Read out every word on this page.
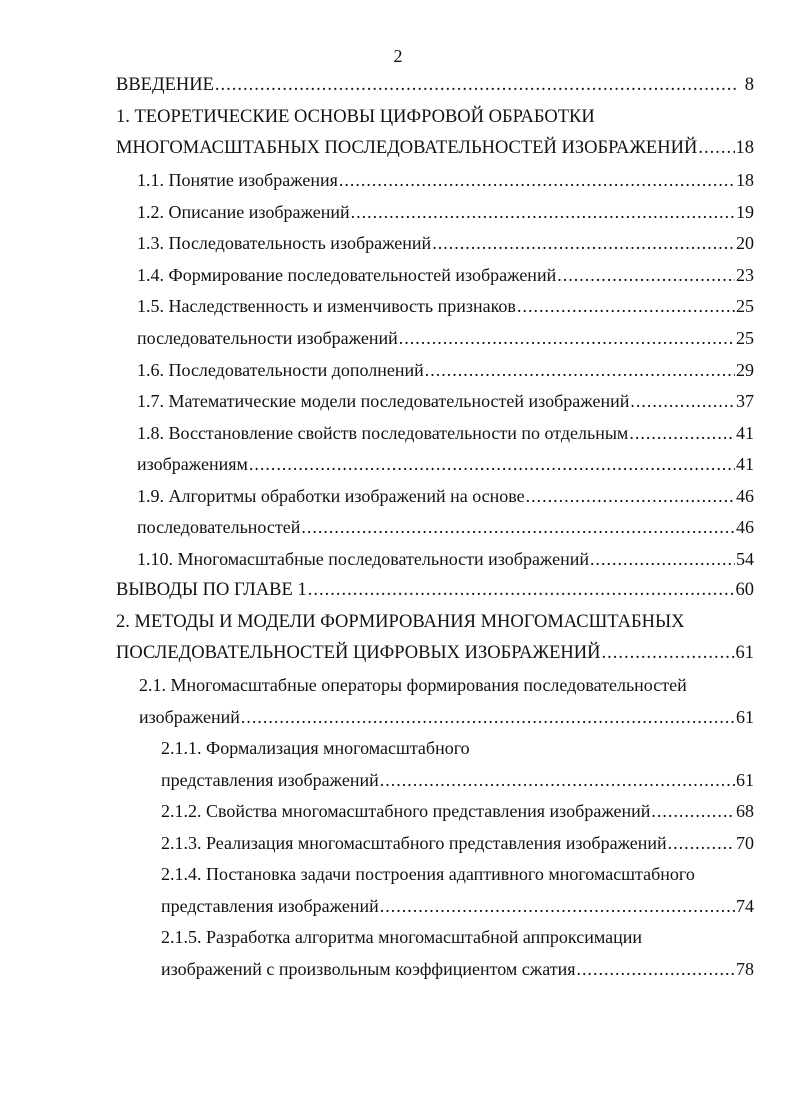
2
ВВЕДЕНИЕ .....	8
1. ТЕОРЕТИЧЕСКИЕ ОСНОВЫ ЦИФРОВОЙ ОБРАБОТКИ
МНОГОМАСШТАБНЫХ ПОСЛЕДОВАТЕЛЬНОСТЕЙ ИЗОБРАЖЕНИЙ ..... 18
1.1. Понятие изображения .....	18
1.2. Описание изображений .....	19
1.3. Последовательность изображений .....	20
1.4. Формирование последовательностей изображений .....	23
1.5. Наследственность и изменчивость признаков .....	25
последовательности изображений .....	25
1.6. Последовательности дополнений .....	29
1.7. Математические модели последовательностей изображений .....	37
1.8. Восстановление свойств последовательности по отдельным .....	41
изображениям .....	41
1.9. Алгоритмы обработки изображений на основе .....	46
последовательностей .....	46
1.10. Многомасштабные последовательности изображений .....	54
ВЫВОДЫ ПО ГЛАВЕ 1 .....	60
2. МЕТОДЫ И МОДЕЛИ ФОРМИРОВАНИЯ МНОГОМАСШТАБНЫХ
ПОСЛЕДОВАТЕЛЬНОСТЕЙ ЦИФРОВЫХ ИЗОБРАЖЕНИЙ .....	61
2.1. Многомасштабные операторы формирования последовательностей
изображений .....	61
2.1.1. Формализация многомасштабного
представления изображений .....	61
2.1.2. Свойства многомасштабного представления изображений .....	68
2.1.3. Реализация многомасштабного представления изображений .....	70
2.1.4. Постановка задачи построения адаптивного многомасштабного
представления изображений .....	74
2.1.5. Разработка алгоритма многомасштабной аппроксимации
изображений с произвольным коэффициентом сжатия .....	78
